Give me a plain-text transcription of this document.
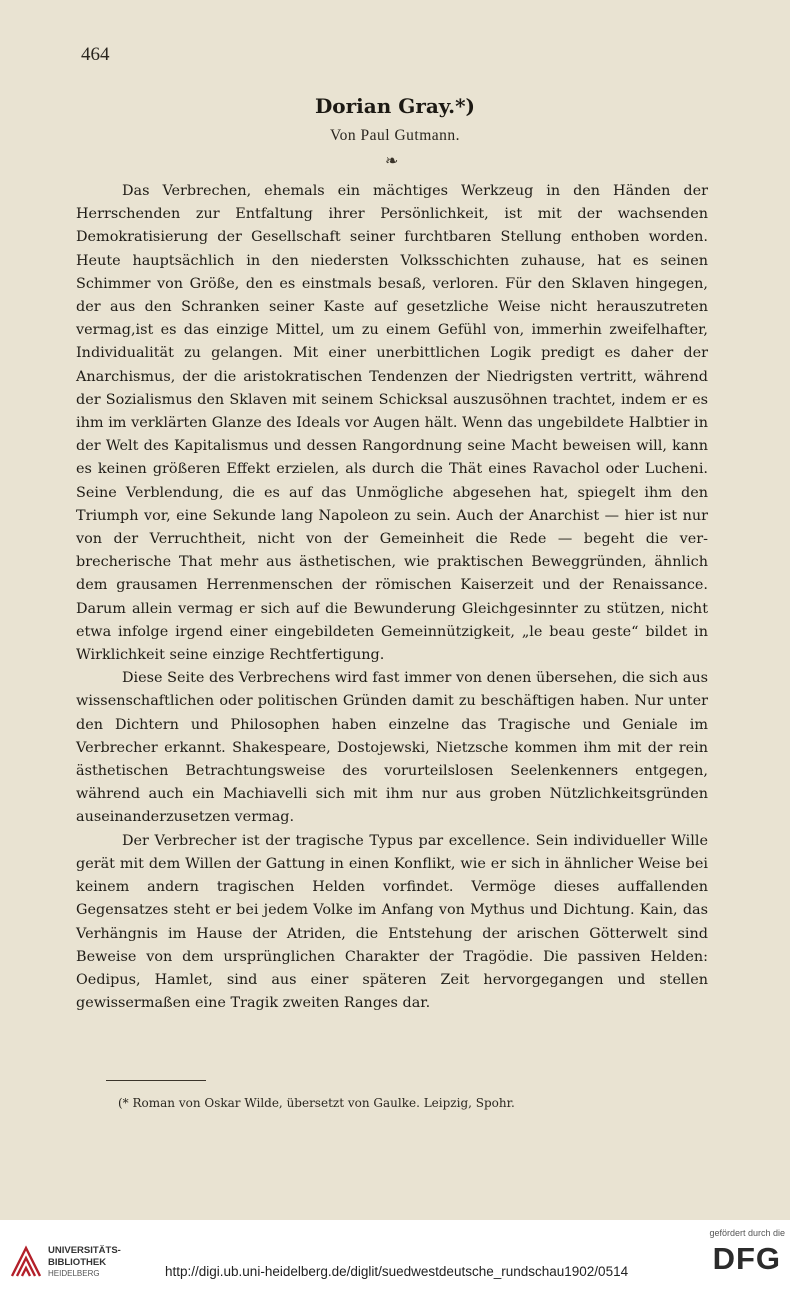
464
Dorian Gray.*)
Von Paul Gutmann.
❧

Das Verbrechen, ehemals ein mächtiges Werkzeug in den Händen der Herrschenden zur Entfaltung ihrer Persönlichkeit, ist mit der wachsenden Demokratisierung der Gesellschaft seiner furchtbaren Stellung enthoben worden. Heute hauptsächlich in den niedersten Volksschichten zuhause, hat es seinen Schimmer von Größe, den es einstmals besaß, verloren. Für den Sklaven hingegen, der aus den Schranken seiner Kaste auf gesetzliche Weise nicht herauszutreten vermag,ist es das einzige Mittel, um zu einem Gefühl von, immerhin zweifelhafter, Individualität zu gelangen. Mit einer unerbittlichen Logik predigt es daher der Anarchismus, der die aristokratischen Tendenzen der Niedrigsten vertritt, während der Sozialismus den Sklaven mit seinem Schicksal auszusöhnen trachtet, indem er es ihm im verklärten Glanze des Ideals vor Augen hält. Wenn das ungebildete Halbtier in der Welt des Kapitalismus und dessen Rangordnung seine Macht beweisen will, kann es keinen größeren Effekt erzielen, als durch die Thät eines Ravachol oder Lucheni. Seine Verblendung, die es auf das Unmögliche abgesehen hat, spiegelt ihm den Triumph vor, eine Sekunde lang Napoleon zu sein. Auch der Anarchist — hier ist nur von der Verruchtheit, nicht von der Gemeinheit die Rede — begeht die verbrecherische That mehr aus ästhetischen, wie praktischen Beweggründen, ähnlich dem grausamen Herrenmenschen der römischen Kaiserzeit und der Renaissance. Darum allein vermag er sich auf die Bewunderung Gleichgesinnter zu stützen, nicht etwa infolge irgend einer eingebildeten Gemeinnützigkeit, „le beau geste“ bildet in Wirklichkeit seine einzige Rechtfertigung.

Diese Seite des Verbrechens wird fast immer von denen übersehen, die sich aus wissenschaftlichen oder politischen Gründen damit zu beschäftigen haben. Nur unter den Dichtern und Philosophen haben einzelne das Tragische und Geniale im Verbrecher erkannt. Shakespeare, Dostojewski, Nietzsche kommen ihm mit der rein ästhetischen Betrachtungsweise des vorurteilslosen Seelenkenners entgegen, während auch ein Machiavelli sich mit ihm nur aus groben Nützlichkeitsgründen auseinanderzusetzen vermag.

Der Verbrecher ist der tragische Typus par excellence. Sein individueller Wille gerät mit dem Willen der Gattung in einen Konflikt, wie er sich in ähnlicher Weise bei keinem andern tragischen Helden vorfindet. Vermöge dieses auffallenden Gegensatzes steht er bei jedem Volke im Anfang von Mythus und Dichtung. Kain, das Verhängnis im Hause der Atriden, die Entstehung der arischen Götterwelt sind Beweise von dem ursprünglichen Charakter der Tragödie. Die passiven Helden: Oedipus, Hamlet, sind aus einer späteren Zeit hervorgegangen und stellen gewissermaßen eine Tragik zweiten Ranges dar.

(* Roman von Oskar Wilde, übersetzt von Gaulke. Leipzig, Spohr.
UNIVERSITÄTS-
BIBLIOTHEK
HEIDELBERG	http://digi.ub.uni-heidelberg.de/diglit/suedwestdeutsche_rundschau1902/0514
gefördert durch die
DFG
